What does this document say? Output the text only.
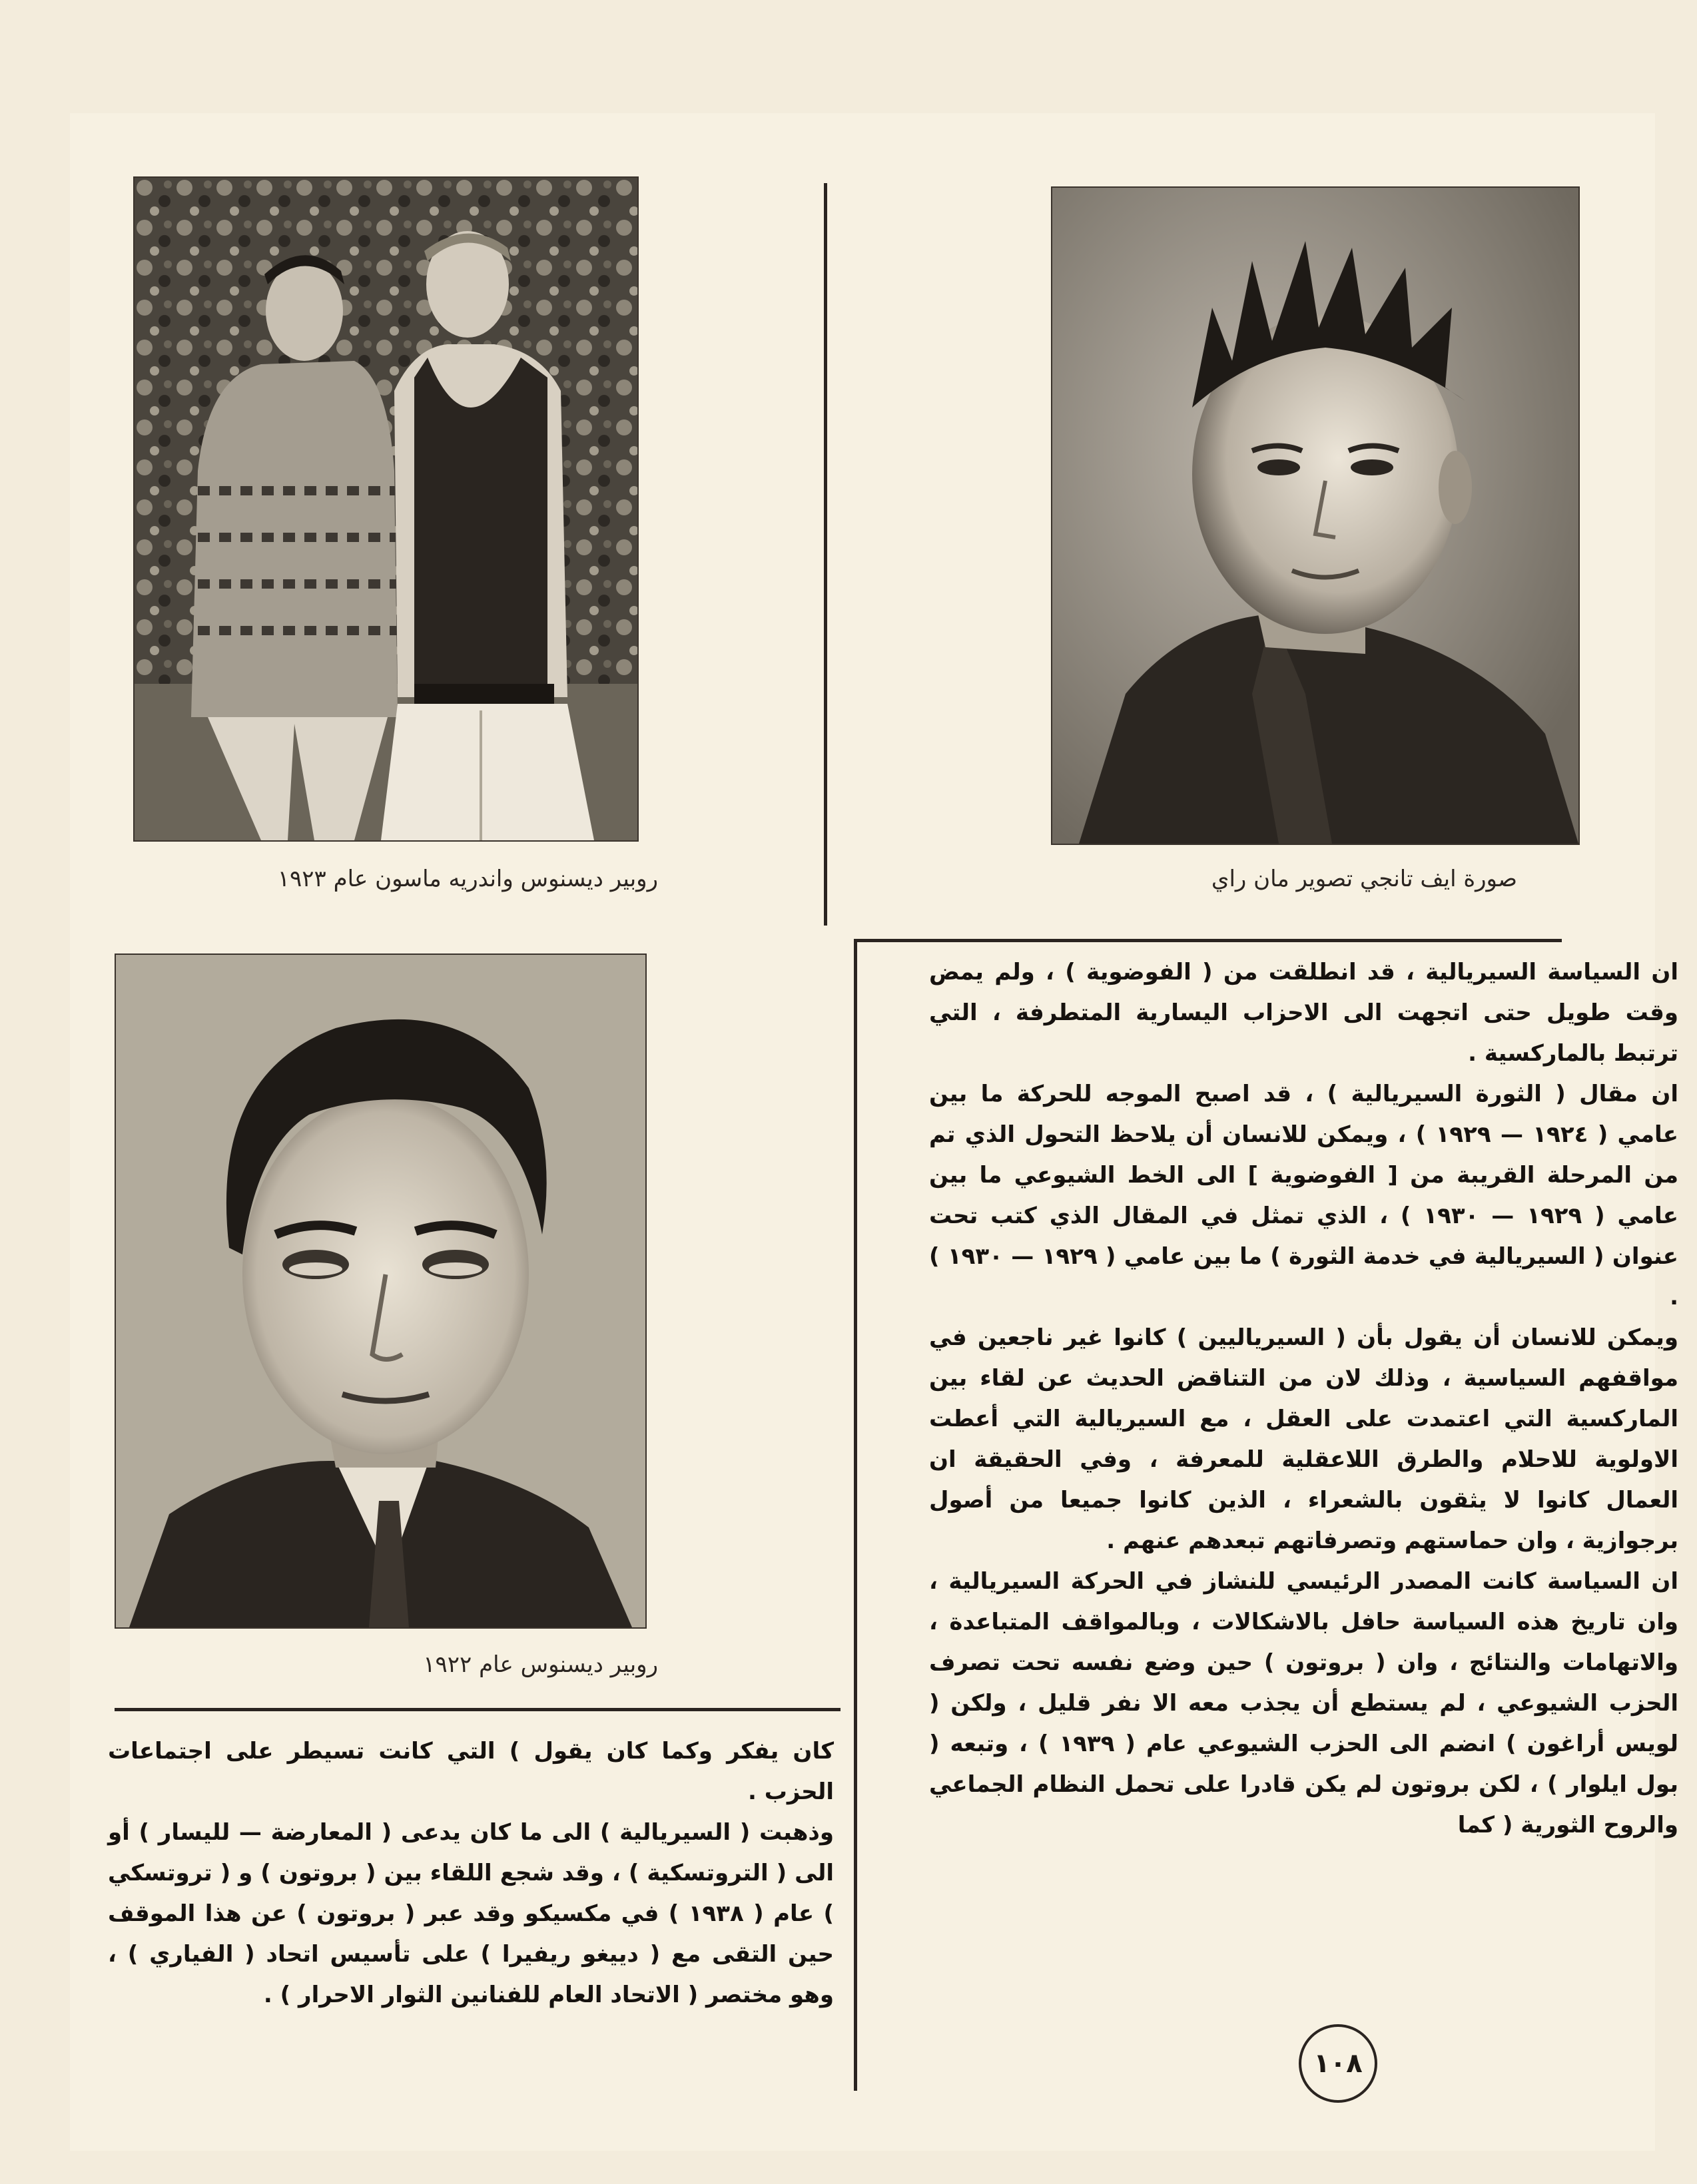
صورة ايف تانجي تصوير مان راي
روبير ديسنوس واندريه ماسون عام ١٩٢٣
روبير ديسنوس عام ١٩٢٢

ان السياسة السيريالية ، قد انطلقت من ( الفوضوية ) ، ولم يمض وقت طويل حتى اتجهت الى الاحزاب اليسارية المتطرفة ، التي ترتبط بالماركسية .

ان مقال ( الثورة السيريالية ) ، قد اصبح الموجه للحركة ما بين عامي ( ١٩٢٤ — ١٩٢٩ ) ، ويمكن للانسان أن يلاحظ التحول الذي تم من المرحلة القريبة من [ الفوضوية ] الى الخط الشيوعي ما بين عامي ( ١٩٢٩ — ١٩٣٠ ) ، الذي تمثل في المقال الذي كتب تحت عنوان ( السيريالية في خدمة الثورة ) ما بين عامي ( ١٩٢٩ — ١٩٣٠ ) .

ويمكن للانسان أن يقول بأن ( السيرياليين ) كانوا غير ناجعين في مواقفهم السياسية ، وذلك لان من التناقض الحديث عن لقاء بين الماركسية التي اعتمدت على العقل ، مع السيريالية التي أعطت الاولوية للاحلام والطرق اللاعقلية للمعرفة ، وفي الحقيقة ان العمال كانوا لا يثقون بالشعراء ، الذين كانوا جميعا من أصول برجوازية ، وان حماستهم وتصرفاتهم تبعدهم عنهم .

ان السياسة كانت المصدر الرئيسي للنشاز في الحركة السيريالية ، وان تاريخ هذه السياسة حافل بالاشكالات ، وبالمواقف المتباعدة ، والاتهامات والنتائج ، وان ( بروتون ) حين وضع نفسه تحت تصرف الحزب الشيوعي ، لم يستطع أن يجذب معه الا نفر قليل ، ولكن ( لويس أراغون ) انضم الى الحزب الشيوعي عام ( ١٩٣٩ ) ، وتبعه ( بول ايلوار ) ، لكن بروتون لم يكن قادرا على تحمل النظام الجماعي والروح الثورية ( كما

كان يفكر وكما كان يقول ) التي كانت تسيطر على اجتماعات الحزب .

وذهبت ( السيريالية ) الى ما كان يدعى ( المعارضة — لليسار ) أو الى ( التروتسكية ) ، وقد شجع اللقاء بين ( بروتون ) و ( تروتسكي ) عام ( ١٩٣٨ ) في مكسيكو وقد عبر ( بروتون ) عن هذا الموقف حين التقى مع ( دييغو ريفيرا ) على تأسيس اتحاد ( الفياري ) ، وهو مختصر ( الاتحاد العام للفنانين الثوار الاحرار ) .

١٠٨
